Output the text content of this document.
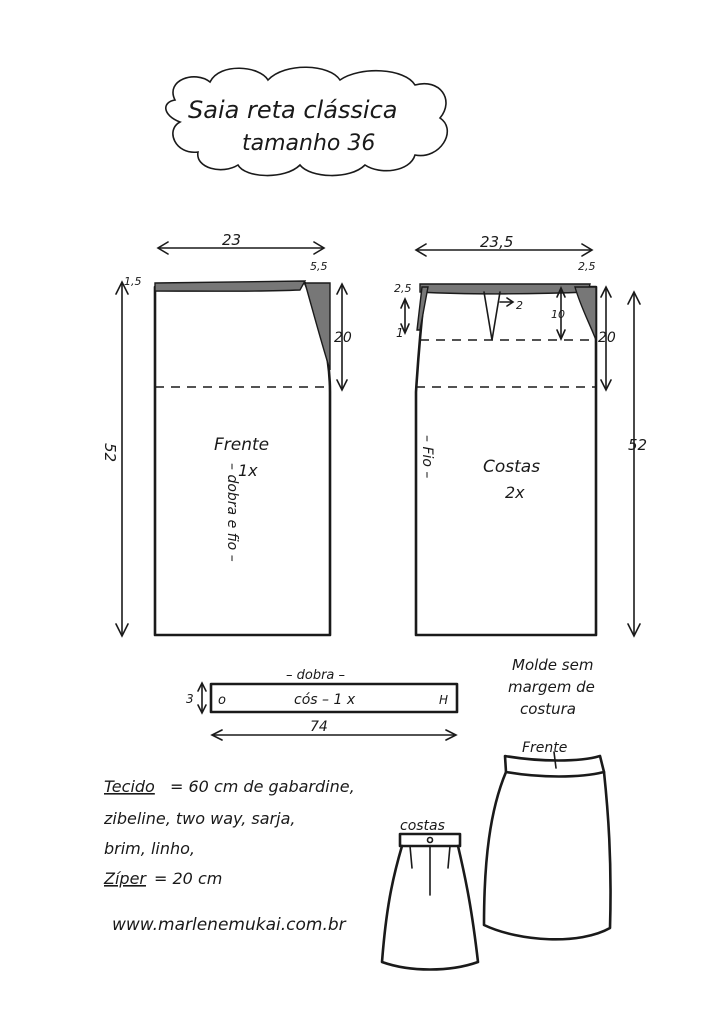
Saia reta clássica
tamanho 36
23
1,5
5,5
20
52
– dobra e fio –
Frente
1x
23,5
2,5
2,5
2
10
1	20
52
– Fio –	Costas
2x
– dobra –
cós – 1 x
o	H
3
74
Molde sem
margem de
costura
Tecido = 60 cm de gabardine,
zibeline, two way, sarja,
brim, linho,
Zíper = 20 cm
www.marlenemukai.com.br
costas
Frente
